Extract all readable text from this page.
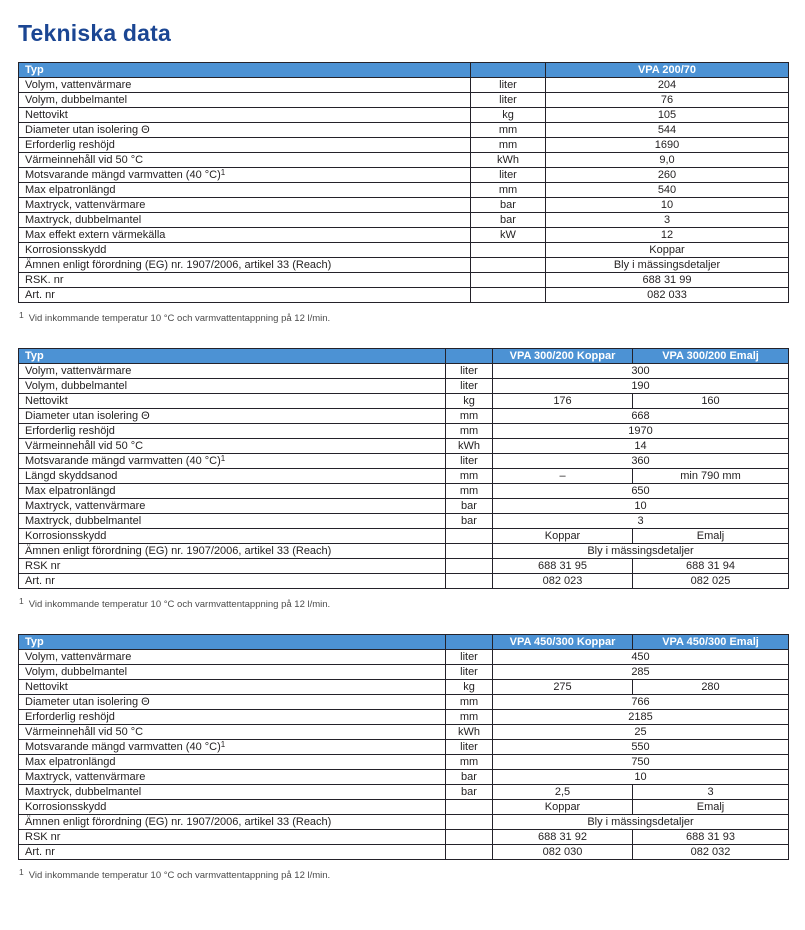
Tekniska data
Typ		VPA 200/70
Volym, vattenvärmare	liter	204
Volym, dubbelmantel	liter	76
Nettovikt	kg	105
Diameter utan isolering Θ	mm	544
Erforderlig reshöjd	mm	1690
Värmeinnehåll vid 50 °C	kWh	9,0
Motsvarande mängd varmvatten (40 °C)$^1$	liter	260
Max elpatronlängd	mm	540
Maxtryck, vattenvärmare	bar	10
Maxtryck, dubbelmantel	bar	3
Max effekt extern värmekälla	kW	12
Korrosionsskydd		Koppar
Ämnen enligt förordning (EG) nr. 1907/2006, artikel 33 (Reach)		Bly i mässingsdetaljer
RSK. nr		688 31 99
Art. nr		082 033

$^1$ Vid inkommande temperatur 10 °C och varmvattentappning på 12 l/min.

Typ		VPA 300/200 Koppar	VPA 300/200 Emalj
Volym, vattenvärmare	liter	300	
Volym, dubbelmantel	liter	190	
Nettovikt	kg	176	160
Diameter utan isolering Θ	mm	668	
Erforderlig reshöjd	mm	1970	
Värmeinnehåll vid 50 °C	kWh	14	
Motsvarande mängd varmvatten (40 °C)$^1$	liter	360	
Längd skyddsanod	mm	–	min 790 mm
Max elpatronlängd	mm	650	
Maxtryck, vattenvärmare	bar	10	
Maxtryck, dubbelmantel	bar	3	
Korrosionsskydd		Koppar	Emalj
Ämnen enligt förordning (EG) nr. 1907/2006, artikel 33 (Reach)		Bly i mässingsdetaljer	
RSK nr		688 31 95	688 31 94
Art. nr		082 023	082 025

$^1$ Vid inkommande temperatur 10 °C och varmvattentappning på 12 l/min.

Typ		VPA 450/300 Koppar	VPA 450/300 Emalj
Volym, vattenvärmare	liter	450	
Volym, dubbelmantel	liter	285	
Nettovikt	kg	275	280
Diameter utan isolering Θ	mm	766	
Erforderlig reshöjd	mm	2185	
Värmeinnehåll vid 50 °C	kWh	25	
Motsvarande mängd varmvatten (40 °C)$^1$	liter	550	
Max elpatronlängd	mm	750	
Maxtryck, vattenvärmare	bar	10	
Maxtryck, dubbelmantel	bar	2,5	3
Korrosionsskydd		Koppar	Emalj
Ämnen enligt förordning (EG) nr. 1907/2006, artikel 33 (Reach)		Bly i mässingsdetaljer	
RSK nr		688 31 92	688 31 93
Art. nr		082 030	082 032

$^1$ Vid inkommande temperatur 10 °C och varmvattentappning på 12 l/min.
